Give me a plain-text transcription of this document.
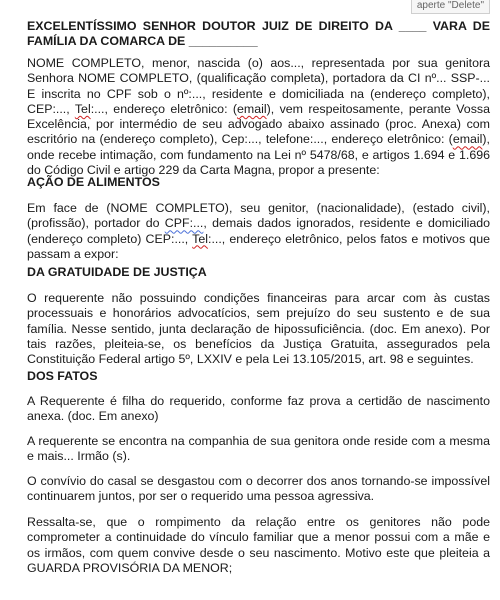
aperte "Delete"

EXCELENTÍSSIMO SENHOR DOUTOR JUIZ DE DIREITO DA ____ VARA DE FAMÍLIA DA COMARCA DE __________

NOME COMPLETO, menor, nascida (o) aos..., representada por sua genitora Senhora NOME COMPLETO, (qualificação completa), portadora da CI nº... SSP-... E inscrita no CPF sob o nº:..., residente e domiciliada na (endereço completo), CEP:..., Tel:..., endereço eletrônico: (email), vem respeitosamente, perante Vossa Excelência, por intermédio de seu advogado abaixo assinado (proc. Anexa) com escritório na (endereço completo), Cep:..., telefone:..., endereço eletrônico: (email), onde recebe intimação, com fundamento na Lei nº 5478/68, e artigos 1.694 e 1.696 do Código Civil e artigo 229 da Carta Magna, propor a presente:

AÇÃO DE ALIMENTOS

Em face de (NOME COMPLETO), seu genitor, (nacionalidade), (estado civil), (profissão), portador do CPF:..., demais dados ignorados, residente e domiciliado (endereço completo) CEP:..., Tel:..., endereço eletrônico, pelos fatos e motivos que passam a expor:

DA GRATUIDADE DE JUSTIÇA

O requerente não possuindo condições financeiras para arcar com às custas processuais e honorários advocatícios, sem prejuízo do seu sustento e de sua família. Nesse sentido, junta declaração de hipossuficiência. (doc. Em anexo). Por tais razões, pleiteia-se, os benefícios da Justiça Gratuita, assegurados pela Constituição Federal artigo 5º, LXXIV e pela Lei 13.105/2015, art. 98 e seguintes.

DOS FATOS

A Requerente é filha do requerido, conforme faz prova a certidão de nascimento anexa. (doc. Em anexo)

A requerente se encontra na companhia de sua genitora onde reside com a mesma e mais... Irmão (s).

O convívio do casal se desgastou com o decorrer dos anos tornando-se impossível continuarem juntos, por ser o requerido uma pessoa agressiva.

Ressalta-se, que o rompimento da relação entre os genitores não pode comprometer a continuidade do vínculo familiar que a menor possui com a mãe e os irmãos, com quem convive desde o seu nascimento. Motivo este que pleiteia a GUARDA PROVISÓRIA DA MENOR;
